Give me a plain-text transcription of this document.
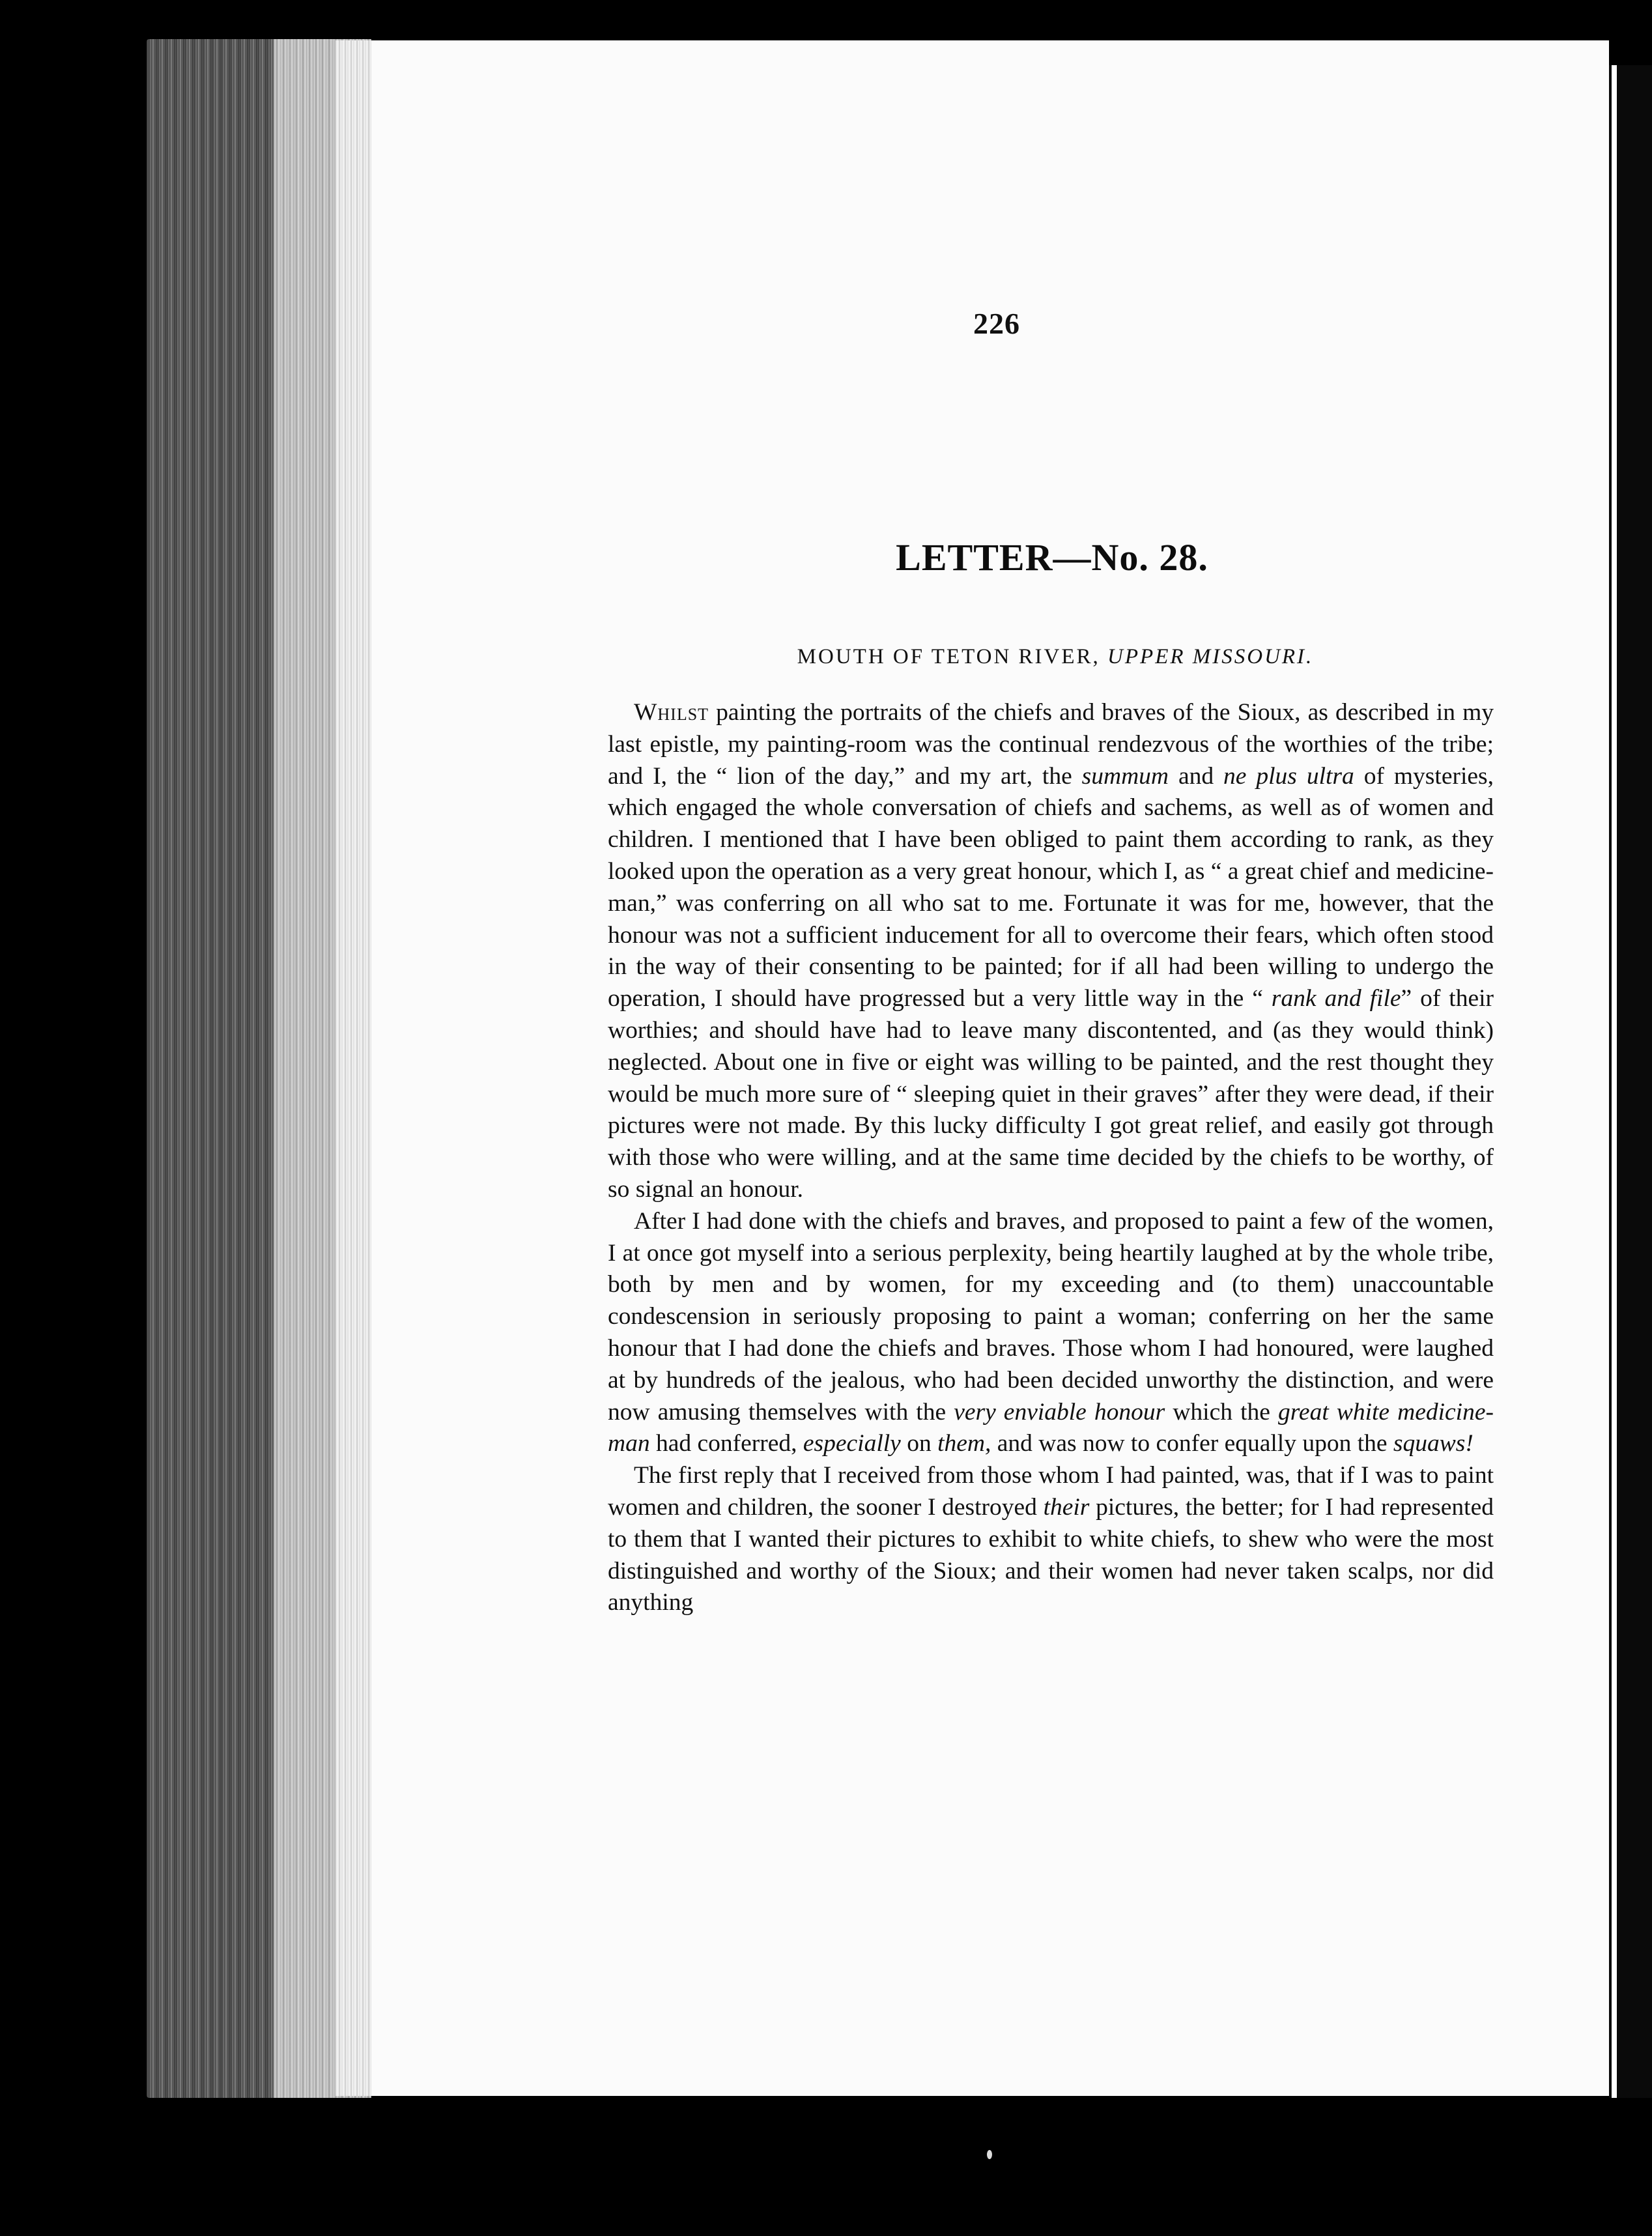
226
LETTER—No. 28.
MOUTH OF TETON RIVER, UPPER MISSOURI.

Whilst painting the portraits of the chiefs and braves of the Sioux, as described in my last epistle, my painting-room was the continual rendezvous of the worthies of the tribe; and I, the “ lion of the day,” and my art, the summum and ne plus ultra of mysteries, which engaged the whole conversation of chiefs and sachems, as well as of women and children. I mentioned that I have been obliged to paint them according to rank, as they looked upon the operation as a very great honour, which I, as “ a great chief and medicine-man,” was conferring on all who sat to me. Fortunate it was for me, however, that the honour was not a sufficient inducement for all to overcome their fears, which often stood in the way of their consenting to be painted; for if all had been willing to undergo the operation, I should have progressed but a very little way in the “ rank and file” of their worthies; and should have had to leave many discontented, and (as they would think) neglected. About one in five or eight was willing to be painted, and the rest thought they would be much more sure of “ sleeping quiet in their graves” after they were dead, if their pictures were not made. By this lucky difficulty I got great relief, and easily got through with those who were willing, and at the same time decided by the chiefs to be worthy, of so signal an honour.

After I had done with the chiefs and braves, and proposed to paint a few of the women, I at once got myself into a serious perplexity, being heartily laughed at by the whole tribe, both by men and by women, for my exceeding and (to them) unaccountable condescension in seriously proposing to paint a woman; conferring on her the same honour that I had done the chiefs and braves. Those whom I had honoured, were laughed at by hundreds of the jealous, who had been decided unworthy the distinction, and were now amusing themselves with the very enviable honour which the great white medicine-man had conferred, especially on them, and was now to confer equally upon the squaws!

The first reply that I received from those whom I had painted, was, that if I was to paint women and children, the sooner I destroyed their pictures, the better; for I had represented to them that I wanted their pictures to exhibit to white chiefs, to shew who were the most distinguished and worthy of the Sioux; and their women had never taken scalps, nor did anything
